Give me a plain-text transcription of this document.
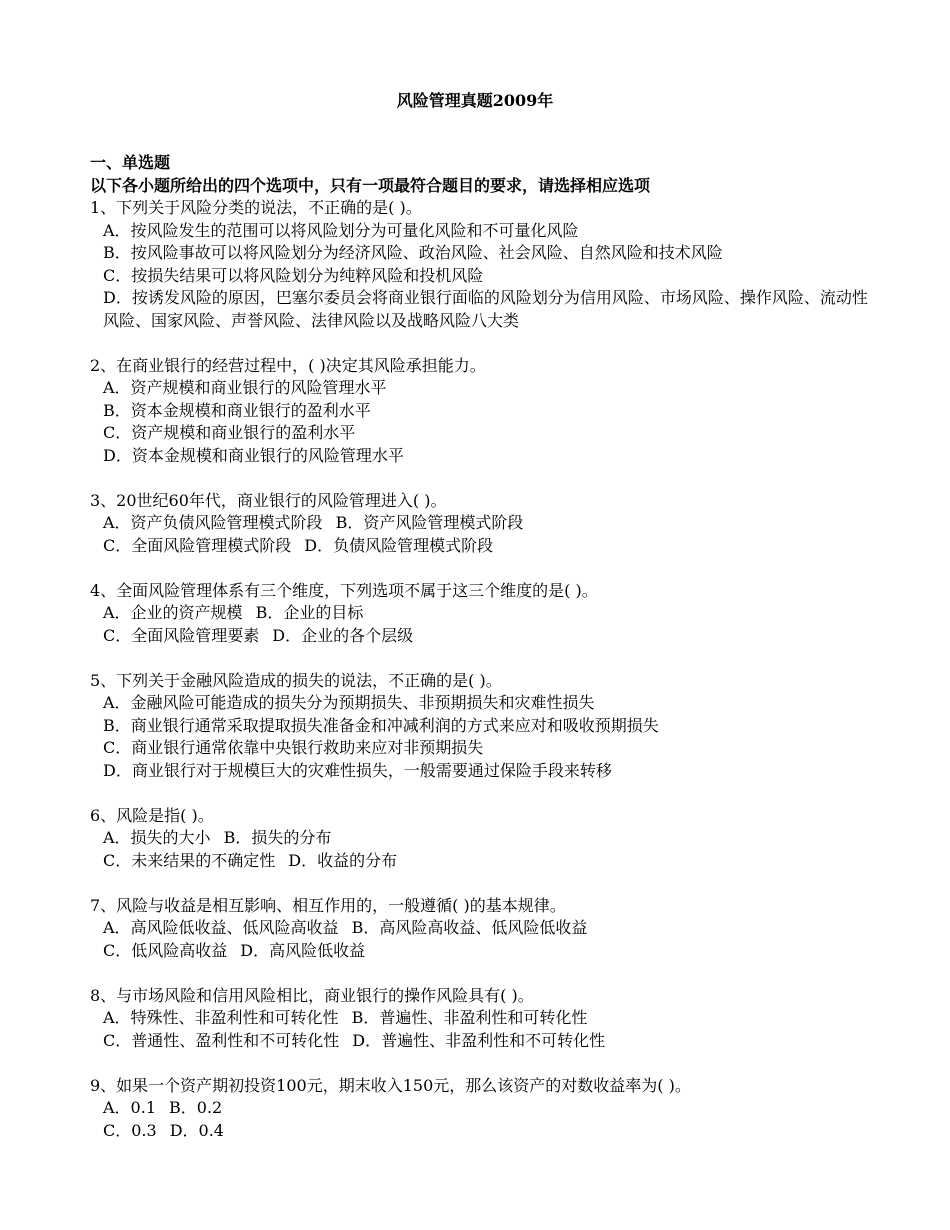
风险管理真题2009年
一、单选题
以下各小题所给出的四个选项中，只有一项最符合题目的要求，请选择相应选项
1、下列关于风险分类的说法，不正确的是( )。
A．按风险发生的范围可以将风险划分为可量化风险和不可量化风险
B．按风险事故可以将风险划分为经济风险、政治风险、社会风险、自然风险和技术风险
C．按损失结果可以将风险划分为纯粹风险和投机风险
D．按诱发风险的原因，巴塞尔委员会将商业银行面临的风险划分为信用风险、市场风险、操作风险、流动性风险、国家风险、声誉风险、法律风险以及战略风险八大类
2、在商业银行的经营过程中，( )决定其风险承担能力。
A．资产规模和商业银行的风险管理水平
B．资本金规模和商业银行的盈利水平
C．资产规模和商业银行的盈利水平
D．资本金规模和商业银行的风险管理水平
3、20世纪60年代，商业银行的风险管理进入( )。
A．资产负债风险管理模式阶段 B．资产风险管理模式阶段
C．全面风险管理模式阶段 D．负债风险管理模式阶段
4、全面风险管理体系有三个维度，下列选项不属于这三个维度的是( )。
A．企业的资产规模 B．企业的目标
C．全面风险管理要素 D．企业的各个层级
5、下列关于金融风险造成的损失的说法，不正确的是( )。
A．金融风险可能造成的损失分为预期损失、非预期损失和灾难性损失
B．商业银行通常采取提取损失准备金和冲减利润的方式来应对和吸收预期损失
C．商业银行通常依靠中央银行救助来应对非预期损失
D．商业银行对于规模巨大的灾难性损失，一般需要通过保险手段来转移
6、风险是指( )。
A．损失的大小 B．损失的分布
C．未来结果的不确定性 D．收益的分布
7、风险与收益是相互影响、相互作用的，一般遵循( )的基本规律。
A．高风险低收益、低风险高收益 B．高风险高收益、低风险低收益
C．低风险高收益 D．高风险低收益
8、与市场风险和信用风险相比，商业银行的操作风险具有( )。
A．特殊性、非盈利性和可转化性 B．普遍性、非盈利性和可转化性
C．普通性、盈利性和不可转化性 D．普遍性、非盈利性和不可转化性
9、如果一个资产期初投资100元，期末收入150元，那么该资产的对数收益率为( )。
A．0.1 B．0.2
C．0.3 D．0.4
